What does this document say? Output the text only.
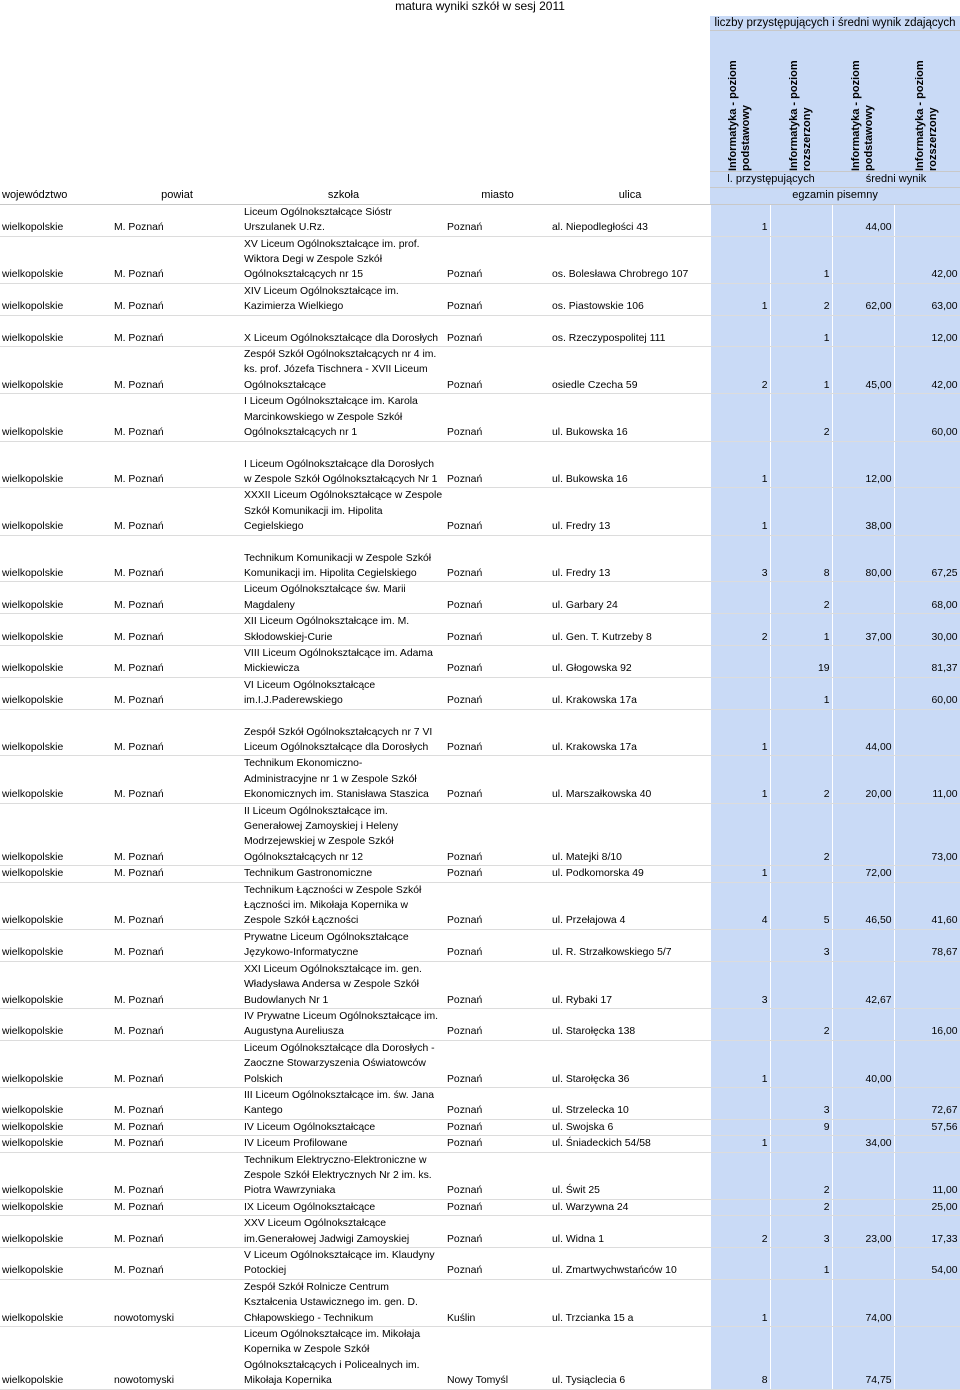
matura wyniki szkół w sesj 2011
					liczby przystępujących i średni wynik zdających			

					Informatyka - poziom podstawowy	Informatyka - poziom rozszerzony	Informatyka - poziom podstawowy	Informatyka - poziom rozszerzony

					l. przystępujących		średni wynik	
województwo	powiat	szkoła	miasto	ulica	egzamin pisemny			
wielkopolskie	M. Poznań	Liceum Ogólnokształcące Sióstr
Urszulanek U.Rz.	Poznań	al. Niepodległości 43	1		44,00	
wielkopolskie	M. Poznań	XV Liceum Ogólnokształcące im. prof.
Wiktora Degi w Zespole Szkół
Ogólnokształcących nr 15	Poznań	os. Bolesława Chrobrego 107		1		42,00
wielkopolskie	M. Poznań	XIV Liceum Ogólnokształcące im.
Kazimierza Wielkiego	Poznań	os. Piastowskie 106	1	2	62,00	63,00
wielkopolskie	M. Poznań	X Liceum Ogólnokształcące dla Dorosłych	Poznań	os. Rzeczypospolitej 111		1		12,00
wielkopolskie	M. Poznań	Zespół Szkół Ogólnokształcących nr 4 im.
ks. prof. Józefa Tischnera - XVII Liceum
Ogólnokształcące	Poznań	osiedle Czecha 59	2	1	45,00	42,00
wielkopolskie	M. Poznań	I Liceum Ogólnokształcące im. Karola
Marcinkowskiego w Zespole Szkół
Ogólnokształcących nr 1	Poznań	ul. Bukowska 16		2		60,00
wielkopolskie	M. Poznań	I Liceum Ogólnokształcące dla Dorosłych
w Zespole Szkół Ogólnokształcących Nr 1	Poznań	ul. Bukowska 16	1		12,00	
wielkopolskie	M. Poznań	XXXII Liceum Ogólnokształcące w Zespole
Szkół Komunikacji im. Hipolita
Cegielskiego	Poznań	ul. Fredry 13	1		38,00	
wielkopolskie	M. Poznań	Technikum Komunikacji w Zespole Szkół
Komunikacji im. Hipolita Cegielskiego	Poznań	ul. Fredry 13	3	8	80,00	67,25
wielkopolskie	M. Poznań	Liceum Ogólnokształcące św. Marii
Magdaleny	Poznań	ul. Garbary 24		2		68,00
wielkopolskie	M. Poznań	XII Liceum Ogólnokształcące im. M.
Skłodowskiej-Curie	Poznań	ul. Gen. T. Kutrzeby 8	2	1	37,00	30,00
wielkopolskie	M. Poznań	VIII Liceum Ogólnokształcące im. Adama
Mickiewicza	Poznań	ul. Głogowska 92		19		81,37
wielkopolskie	M. Poznań	VI Liceum Ogólnokształcące
im.I.J.Paderewskiego	Poznań	ul. Krakowska 17a		1		60,00
wielkopolskie	M. Poznań	Zespół Szkół Ogólnokształcących nr 7 VI
Liceum Ogólnokształcące dla Dorosłych	Poznań	ul. Krakowska 17a	1		44,00	
wielkopolskie	M. Poznań	Technikum Ekonomiczno-
Administracyjne nr 1 w Zespole Szkół
Ekonomicznych im. Stanisława Staszica	Poznań	ul. Marszałkowska 40	1	2	20,00	11,00
wielkopolskie	M. Poznań	II Liceum Ogólnokształcące im.
Generałowej Zamoyskiej i Heleny
Modrzejewskiej w Zespole Szkół
Ogólnokształcących nr 12	Poznań	ul. Matejki 8/10		2		73,00
wielkopolskie	M. Poznań	Technikum Gastronomiczne	Poznań	ul. Podkomorska 49	1		72,00	
wielkopolskie	M. Poznań	Technikum Łączności w Zespole Szkół
Łączności im. Mikołaja Kopernika w
Zespole Szkół Łączności	Poznań	ul. Przełajowa 4	4	5	46,50	41,60
wielkopolskie	M. Poznań	Prywatne Liceum Ogólnokształcące
Językowo-Informatyczne	Poznań	ul. R. Strzałkowskiego 5/7		3		78,67
wielkopolskie	M. Poznań	XXI Liceum Ogólnokształcące im. gen.
Władysława Andersa w Zespole Szkół
Budowlanych Nr 1	Poznań	ul. Rybaki 17	3		42,67	
wielkopolskie	M. Poznań	IV Prywatne Liceum Ogólnokształcące im.
Augustyna Aureliusza	Poznań	ul. Starołęcka 138		2		16,00
wielkopolskie	M. Poznań	Liceum Ogólnokształcące dla Dorosłych -
Zaoczne Stowarzyszenia Oświatowców
Polskich	Poznań	ul. Starołęcka 36	1		40,00	
wielkopolskie	M. Poznań	III Liceum Ogólnokształcące im. św. Jana
Kantego	Poznań	ul. Strzelecka 10		3		72,67
wielkopolskie	M. Poznań	IV Liceum Ogólnokształcące	Poznań	ul. Swojska 6		9		57,56
wielkopolskie	M. Poznań	IV Liceum Profilowane	Poznań	ul. Śniadeckich 54/58	1		34,00	
wielkopolskie	M. Poznań	Technikum Elektryczno-Elektroniczne w
Zespole Szkół Elektrycznych Nr 2 im. ks.
Piotra Wawrzyniaka	Poznań	ul. Świt 25		2		11,00
wielkopolskie	M. Poznań	IX Liceum Ogólnokształcące	Poznań	ul. Warzywna 24		2		25,00
wielkopolskie	M. Poznań	XXV Liceum Ogólnokształcące
im.Generałowej Jadwigi Zamoyskiej	Poznań	ul. Widna 1	2	3	23,00	17,33
wielkopolskie	M. Poznań	V Liceum Ogólnokształcące im. Klaudyny
Potockiej	Poznań	ul. Zmartwychwstańców 10		1		54,00
wielkopolskie	nowotomyski	Zespół Szkół Rolnicze Centrum
Kształcenia Ustawicznego im. gen. D.
Chłapowskiego - Technikum	Kuślin	ul. Trzcianka 15 a	1		74,00	
wielkopolskie	nowotomyski	Liceum Ogólnokształcące im. Mikołaja
Kopernika w Zespole Szkół
Ogólnokształcących i Policealnych im.
Mikołaja Kopernika	Nowy Tomyśl	ul. Tysiąclecia 6	8		74,75	
